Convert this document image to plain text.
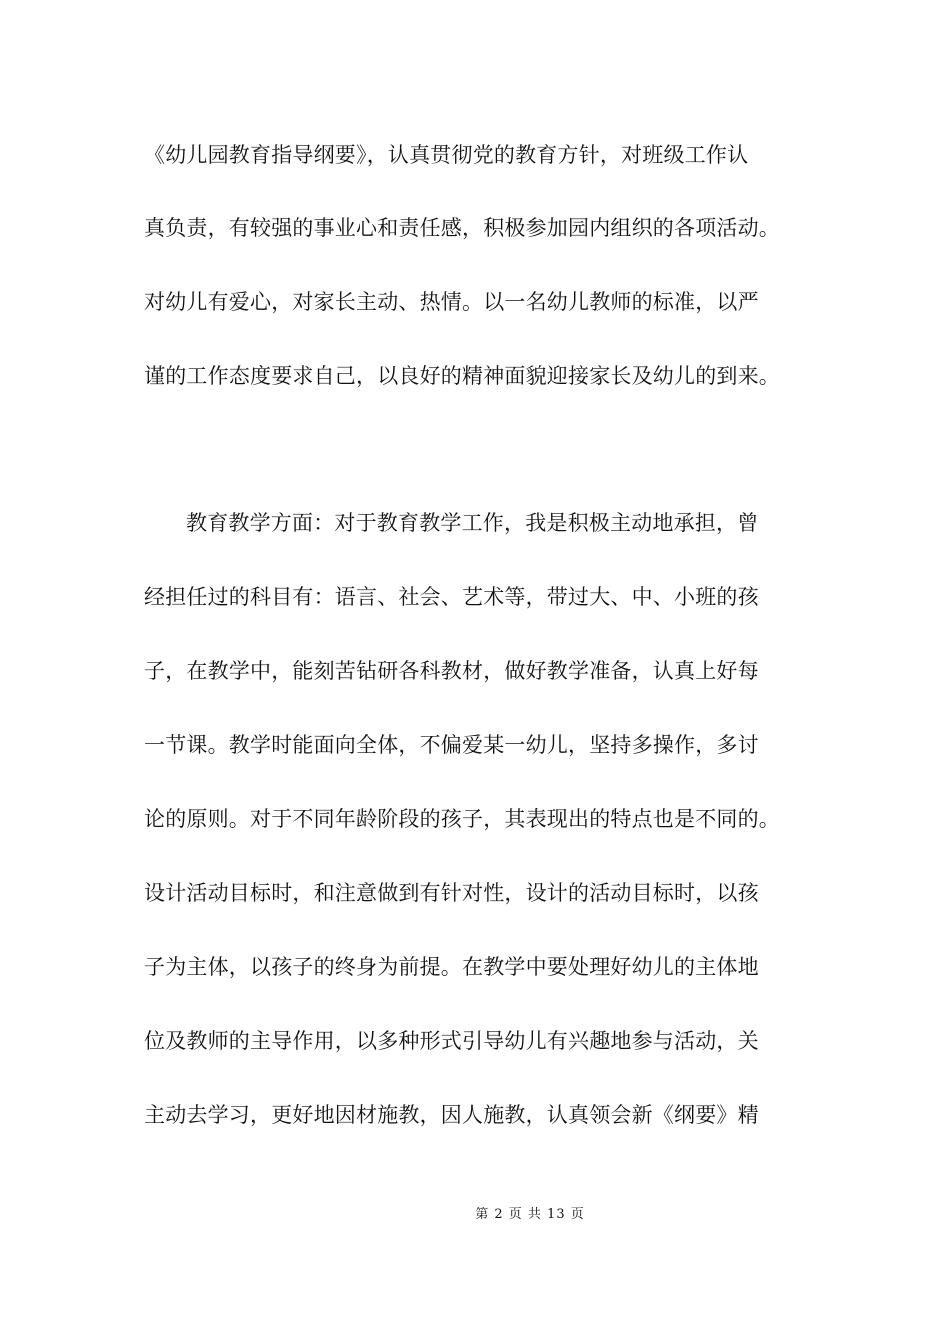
《幼儿园教育指导纲要》，认真贯彻党的教育方针，对班级工作认
真负责，有较强的事业心和责任感，积极参加园内组织的各项活动。
对幼儿有爱心，对家长主动、热情。以一名幼儿教师的标准，以严
谨的工作态度要求自己，以良好的精神面貌迎接家长及幼儿的到来。
教育教学方面：对于教育教学工作，我是积极主动地承担，曾
经担任过的科目有：语言、社会、艺术等，带过大、中、小班的孩
子，在教学中，能刻苦钻研各科教材，做好教学准备，认真上好每
一节课。教学时能面向全体，不偏爱某一幼儿，坚持多操作，多讨
论的原则。对于不同年龄阶段的孩子，其表现出的特点也是不同的。
设计活动目标时，和注意做到有针对性，设计的活动目标时，以孩
子为主体，以孩子的终身为前提。在教学中要处理好幼儿的主体地
位及教师的主导作用，以多种形式引导幼儿有兴趣地参与活动，关
主动去学习，更好地因材施教，因人施教，认真领会新《纲要》精
第 2 页 共 13 页
